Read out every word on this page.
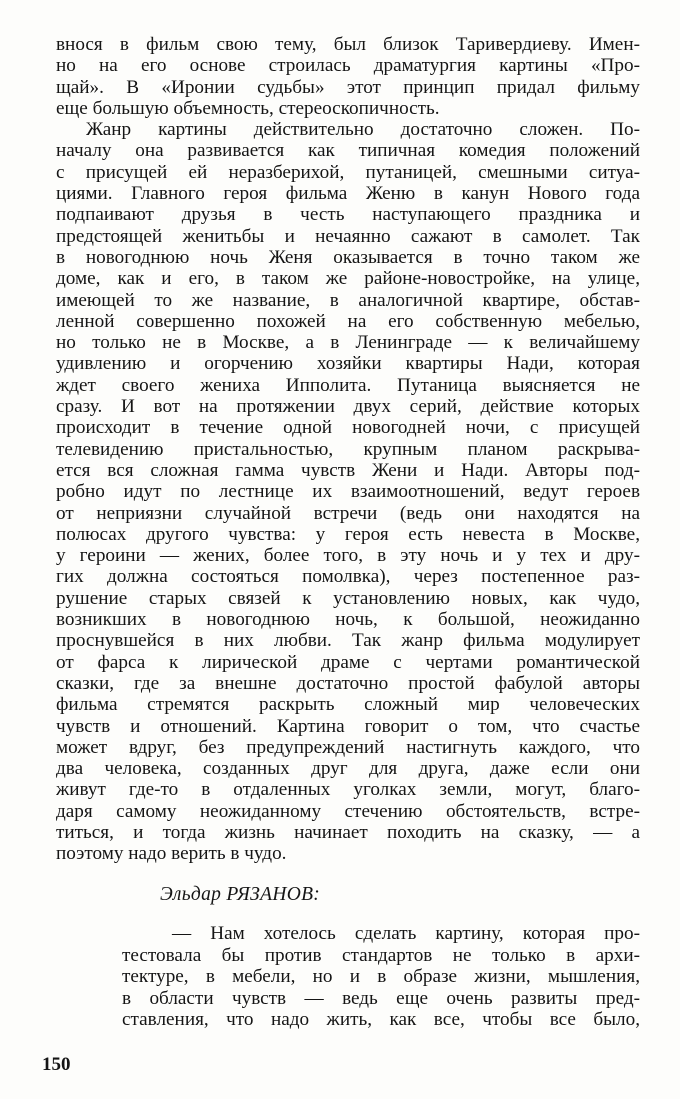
внося в фильм свою тему, был близок Таривердиеву. Имен-
но на его основе строилась драматургия картины «Про-
щай». В «Иронии судьбы» этот принцип придал фильму
еще большую объемность, стереоскопичность.
Жанр картины действительно достаточно сложен. По-
началу она развивается как типичная комедия положений
с присущей ей неразберихой, путаницей, смешными ситуа-
циями. Главного героя фильма Женю в канун Нового года
подпаивают друзья в честь наступающего праздника и
предстоящей женитьбы и нечаянно сажают в самолет. Так
в новогоднюю ночь Женя оказывается в точно таком же
доме, как и его, в таком же районе-новостройке, на улице,
имеющей то же название, в аналогичной квартире, обстав-
ленной совершенно похожей на его собственную мебелью,
но только не в Москве, а в Ленинграде — к величайшему
удивлению и огорчению хозяйки квартиры Нади, которая
ждет своего жениха Ипполита. Путаница выясняется не
сразу. И вот на протяжении двух серий, действие которых
происходит в течение одной новогодней ночи, с присущей
телевидению пристальностью, крупным планом раскрыва-
ется вся сложная гамма чувств Жени и Нади. Авторы под-
робно идут по лестнице их взаимоотношений, ведут героев
от неприязни случайной встречи (ведь они находятся на
полюсах другого чувства: у героя есть невеста в Москве,
у героини — жених, более того, в эту ночь и у тех и дру-
гих должна состояться помолвка), через постепенное раз-
рушение старых связей к установлению новых, как чудо,
возникших в новогоднюю ночь, к большой, неожиданно
проснувшейся в них любви. Так жанр фильма модулирует
от фарса к лирической драме с чертами романтической
сказки, где за внешне достаточно простой фабулой авторы
фильма стремятся раскрыть сложный мир человеческих
чувств и отношений. Картина говорит о том, что счастье
может вдруг, без предупреждений настигнуть каждого, что
два человека, созданных друг для друга, даже если они
живут где-то в отдаленных уголках земли, могут, благо-
даря самому неожиданному стечению обстоятельств, встре-
титься, и тогда жизнь начинает походить на сказку, — а
поэтому надо верить в чудо.
Эльдар РЯЗАНОВ:
— Нам хотелось сделать картину, которая про-
тестовала бы против стандартов не только в архи-
тектуре, в мебели, но и в образе жизни, мышления,
в области чувств — ведь еще очень развиты пред-
ставления, что надо жить, как все, чтобы все было,
150
